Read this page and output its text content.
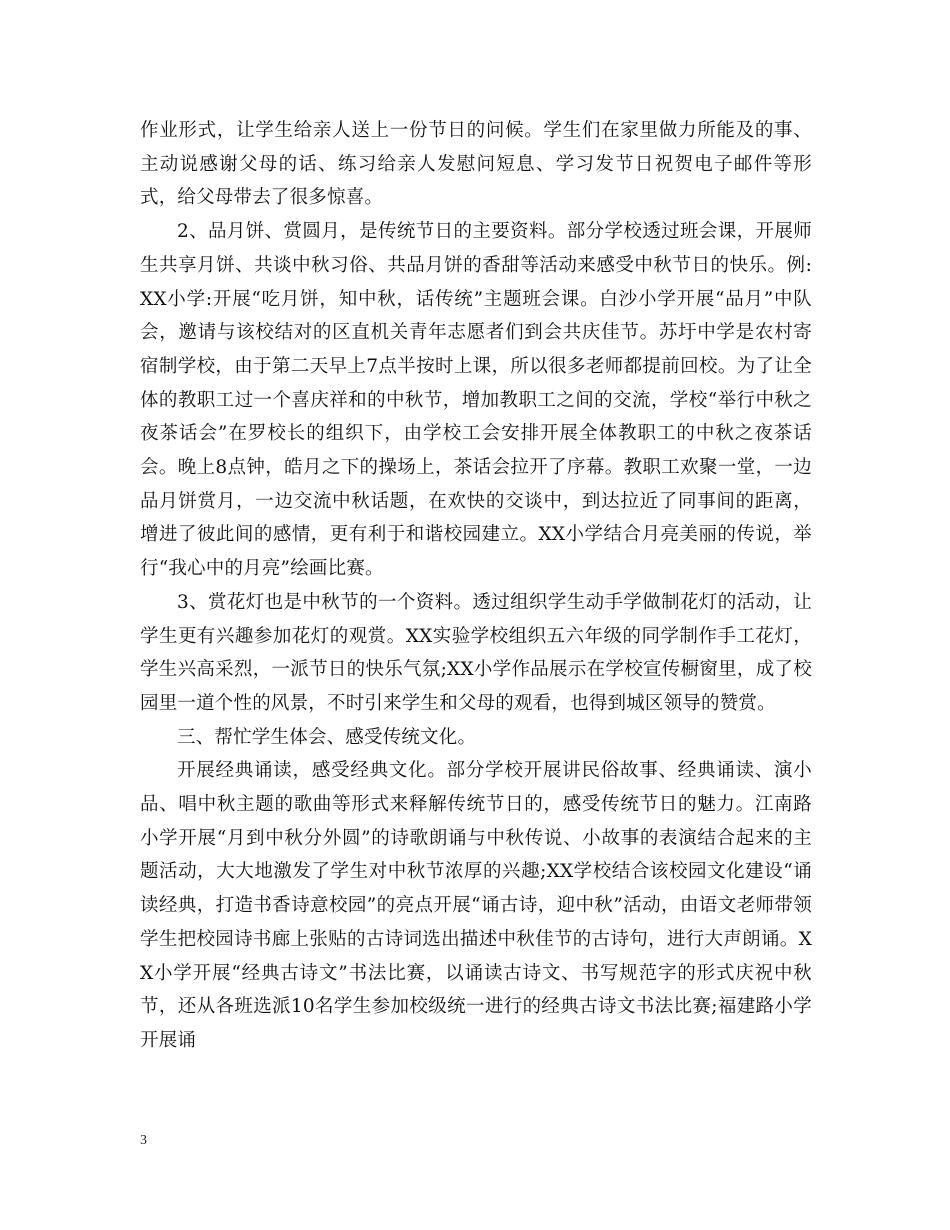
作业形式，让学生给亲人送上一份节日的问候。学生们在家里做力所能及的事、主动说感谢父母的话、练习给亲人发慰问短息、学习发节日祝贺电子邮件等形式，给父母带去了很多惊喜。

2、品月饼、赏圆月，是传统节日的主要资料。部分学校透过班会课，开展师生共享月饼、共谈中秋习俗、共品月饼的香甜等活动来感受中秋节日的快乐。例:XX小学:开展“吃月饼，知中秋，话传统”主题班会课。白沙小学开展“品月”中队会，邀请与该校结对的区直机关青年志愿者们到会共庆佳节。苏圩中学是农村寄宿制学校，由于第二天早上7点半按时上课，所以很多老师都提前回校。为了让全体的教职工过一个喜庆祥和的中秋节，增加教职工之间的交流，学校“举行中秋之夜茶话会”在罗校长的组织下，由学校工会安排开展全体教职工的中秋之夜茶话会。晚上8点钟，皓月之下的操场上，茶话会拉开了序幕。教职工欢聚一堂，一边品月饼赏月，一边交流中秋话题，在欢快的交谈中，到达拉近了同事间的距离，增进了彼此间的感情，更有利于和谐校园建立。XX小学结合月亮美丽的传说，举行“我心中的月亮”绘画比赛。

3、赏花灯也是中秋节的一个资料。透过组织学生动手学做制花灯的活动，让学生更有兴趣参加花灯的观赏。XX实验学校组织五六年级的同学制作手工花灯，学生兴高采烈，一派节日的快乐气氛;XX小学作品展示在学校宣传橱窗里，成了校园里一道个性的风景，不时引来学生和父母的观看，也得到城区领导的赞赏。

三、帮忙学生体会、感受传统文化。

开展经典诵读，感受经典文化。部分学校开展讲民俗故事、经典诵读、演小品、唱中秋主题的歌曲等形式来释解传统节日的，感受传统节日的魅力。江南路小学开展“月到中秋分外圆”的诗歌朗诵与中秋传说、小故事的表演结合起来的主题活动，大大地激发了学生对中秋节浓厚的兴趣;XX学校结合该校园文化建设“诵读经典，打造书香诗意校园”的亮点开展“诵古诗，迎中秋”活动，由语文老师带领学生把校园诗书廊上张贴的古诗词选出描述中秋佳节的古诗句，进行大声朗诵。XX小学开展“经典古诗文”书法比赛，以诵读古诗文、书写规范字的形式庆祝中秋节，还从各班选派10名学生参加校级统一进行的经典古诗文书法比赛;福建路小学开展诵

3
